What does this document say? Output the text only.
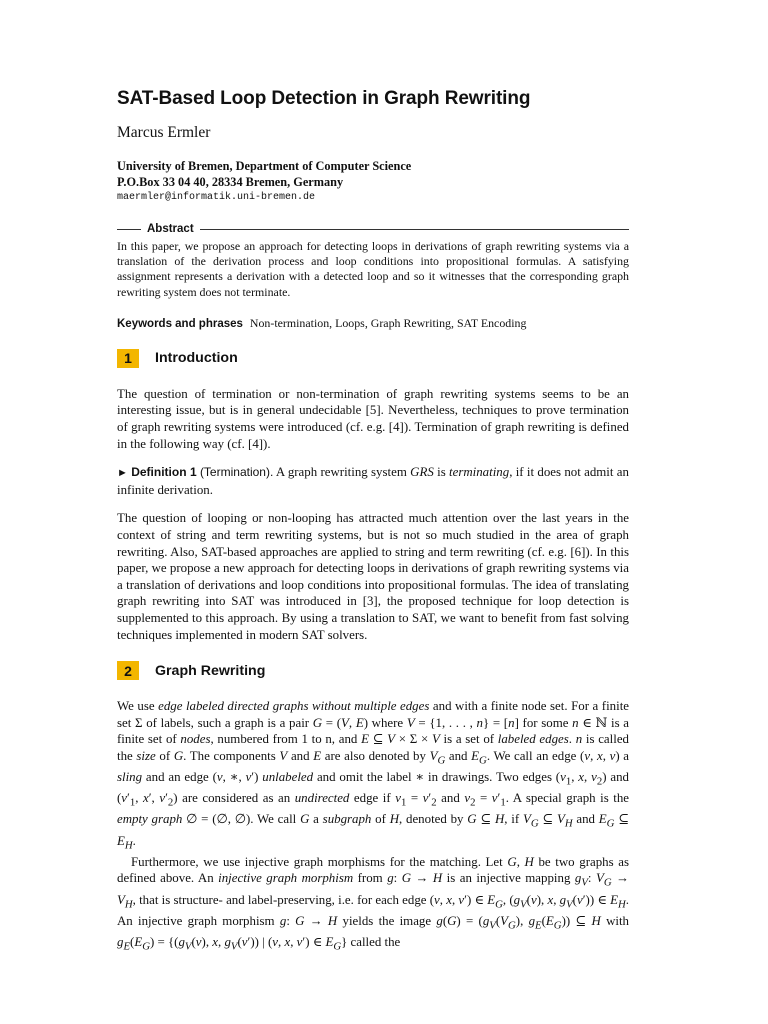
SAT-Based Loop Detection in Graph Rewriting
Marcus Ermler
University of Bremen, Department of Computer Science
P.O.Box 33 04 40, 28334 Bremen, Germany
maermler@informatik.uni-bremen.de
Abstract

In this paper, we propose an approach for detecting loops in derivations of graph rewriting systems via a translation of the derivation process and loop conditions into propositional formulas. A satisfying assignment represents a derivation with a detected loop and so it witnesses that the corresponding graph rewriting system does not terminate.

Keywords and phrases Non-termination, Loops, Graph Rewriting, SAT Encoding
1	Introduction

The question of termination or non-termination of graph rewriting systems seems to be an interesting issue, but is in general undecidable [5]. Nevertheless, techniques to prove termination of graph rewriting systems were introduced (cf. e.g. [4]). Termination of graph rewriting is defined in the following way (cf. [4]).

► Definition 1 (Termination). A graph rewriting system GRS is terminating, if it does not admit an infinite derivation.

The question of looping or non-looping has attracted much attention over the last years in the context of string and term rewriting systems, but is not so much studied in the area of graph rewriting. Also, SAT-based approaches are applied to string and term rewriting (cf. e.g. [6]). In this paper, we propose a new approach for detecting loops in derivations of graph rewriting systems via a translation of derivations and loop conditions into propositional formulas. The idea of translating graph rewriting into SAT was introduced in [3], the proposed technique for loop detection is supplemented to this approach. By using a translation to SAT, we want to benefit from fast solving techniques implemented in modern SAT solvers.

2	Graph Rewriting

We use edge labeled directed graphs without multiple edges and with a finite node set. For a finite set Σ of labels, such a graph is a pair G = (V, E) where V = {1, . . . , n} = [n] for some n ∈ ℕ is a finite set of nodes, numbered from 1 to n, and E ⊆ V × Σ × V is a set of labeled edges. n is called the size of G. The components V and E are also denoted by $V_G$ and $E_G$. We call an edge (v, x, v) a sling and an edge (v, ∗, v′) unlabeled and omit the label ∗ in drawings. Two edges ($v_1$, x, $v_2$) and ($v'_1$, x′, $v'_2$) are considered as an undirected edge if $v_1 = v'_2$ and $v_2 = v'_1$. A special graph is the empty graph ∅ = (∅, ∅). We call G a subgraph of H, denoted by G ⊆ H, if $V_G$ ⊆ $V_H$ and $E_G$ ⊆ $E_H$.

Furthermore, we use injective graph morphisms for the matching. Let G, H be two graphs as defined above. An injective graph morphism from g: G → H is an injective mapping $g_V$: $V_G \to V_H$, that is structure- and label-preserving, i.e. for each edge (v, x, v′) ∈ $E_G$, ($g_V(v)$, x, $g_V(v')$) ∈ $E_H$. An injective graph morphism g: G → H yields the image $g(G) = (g_V(V_G)$, $g_E(E_G)$) ⊆ H with $g_E(E_G) = \{(g_V(v)$, x, $g_V(v')$) | (v, x, v′) ∈ $E_G$} called the
